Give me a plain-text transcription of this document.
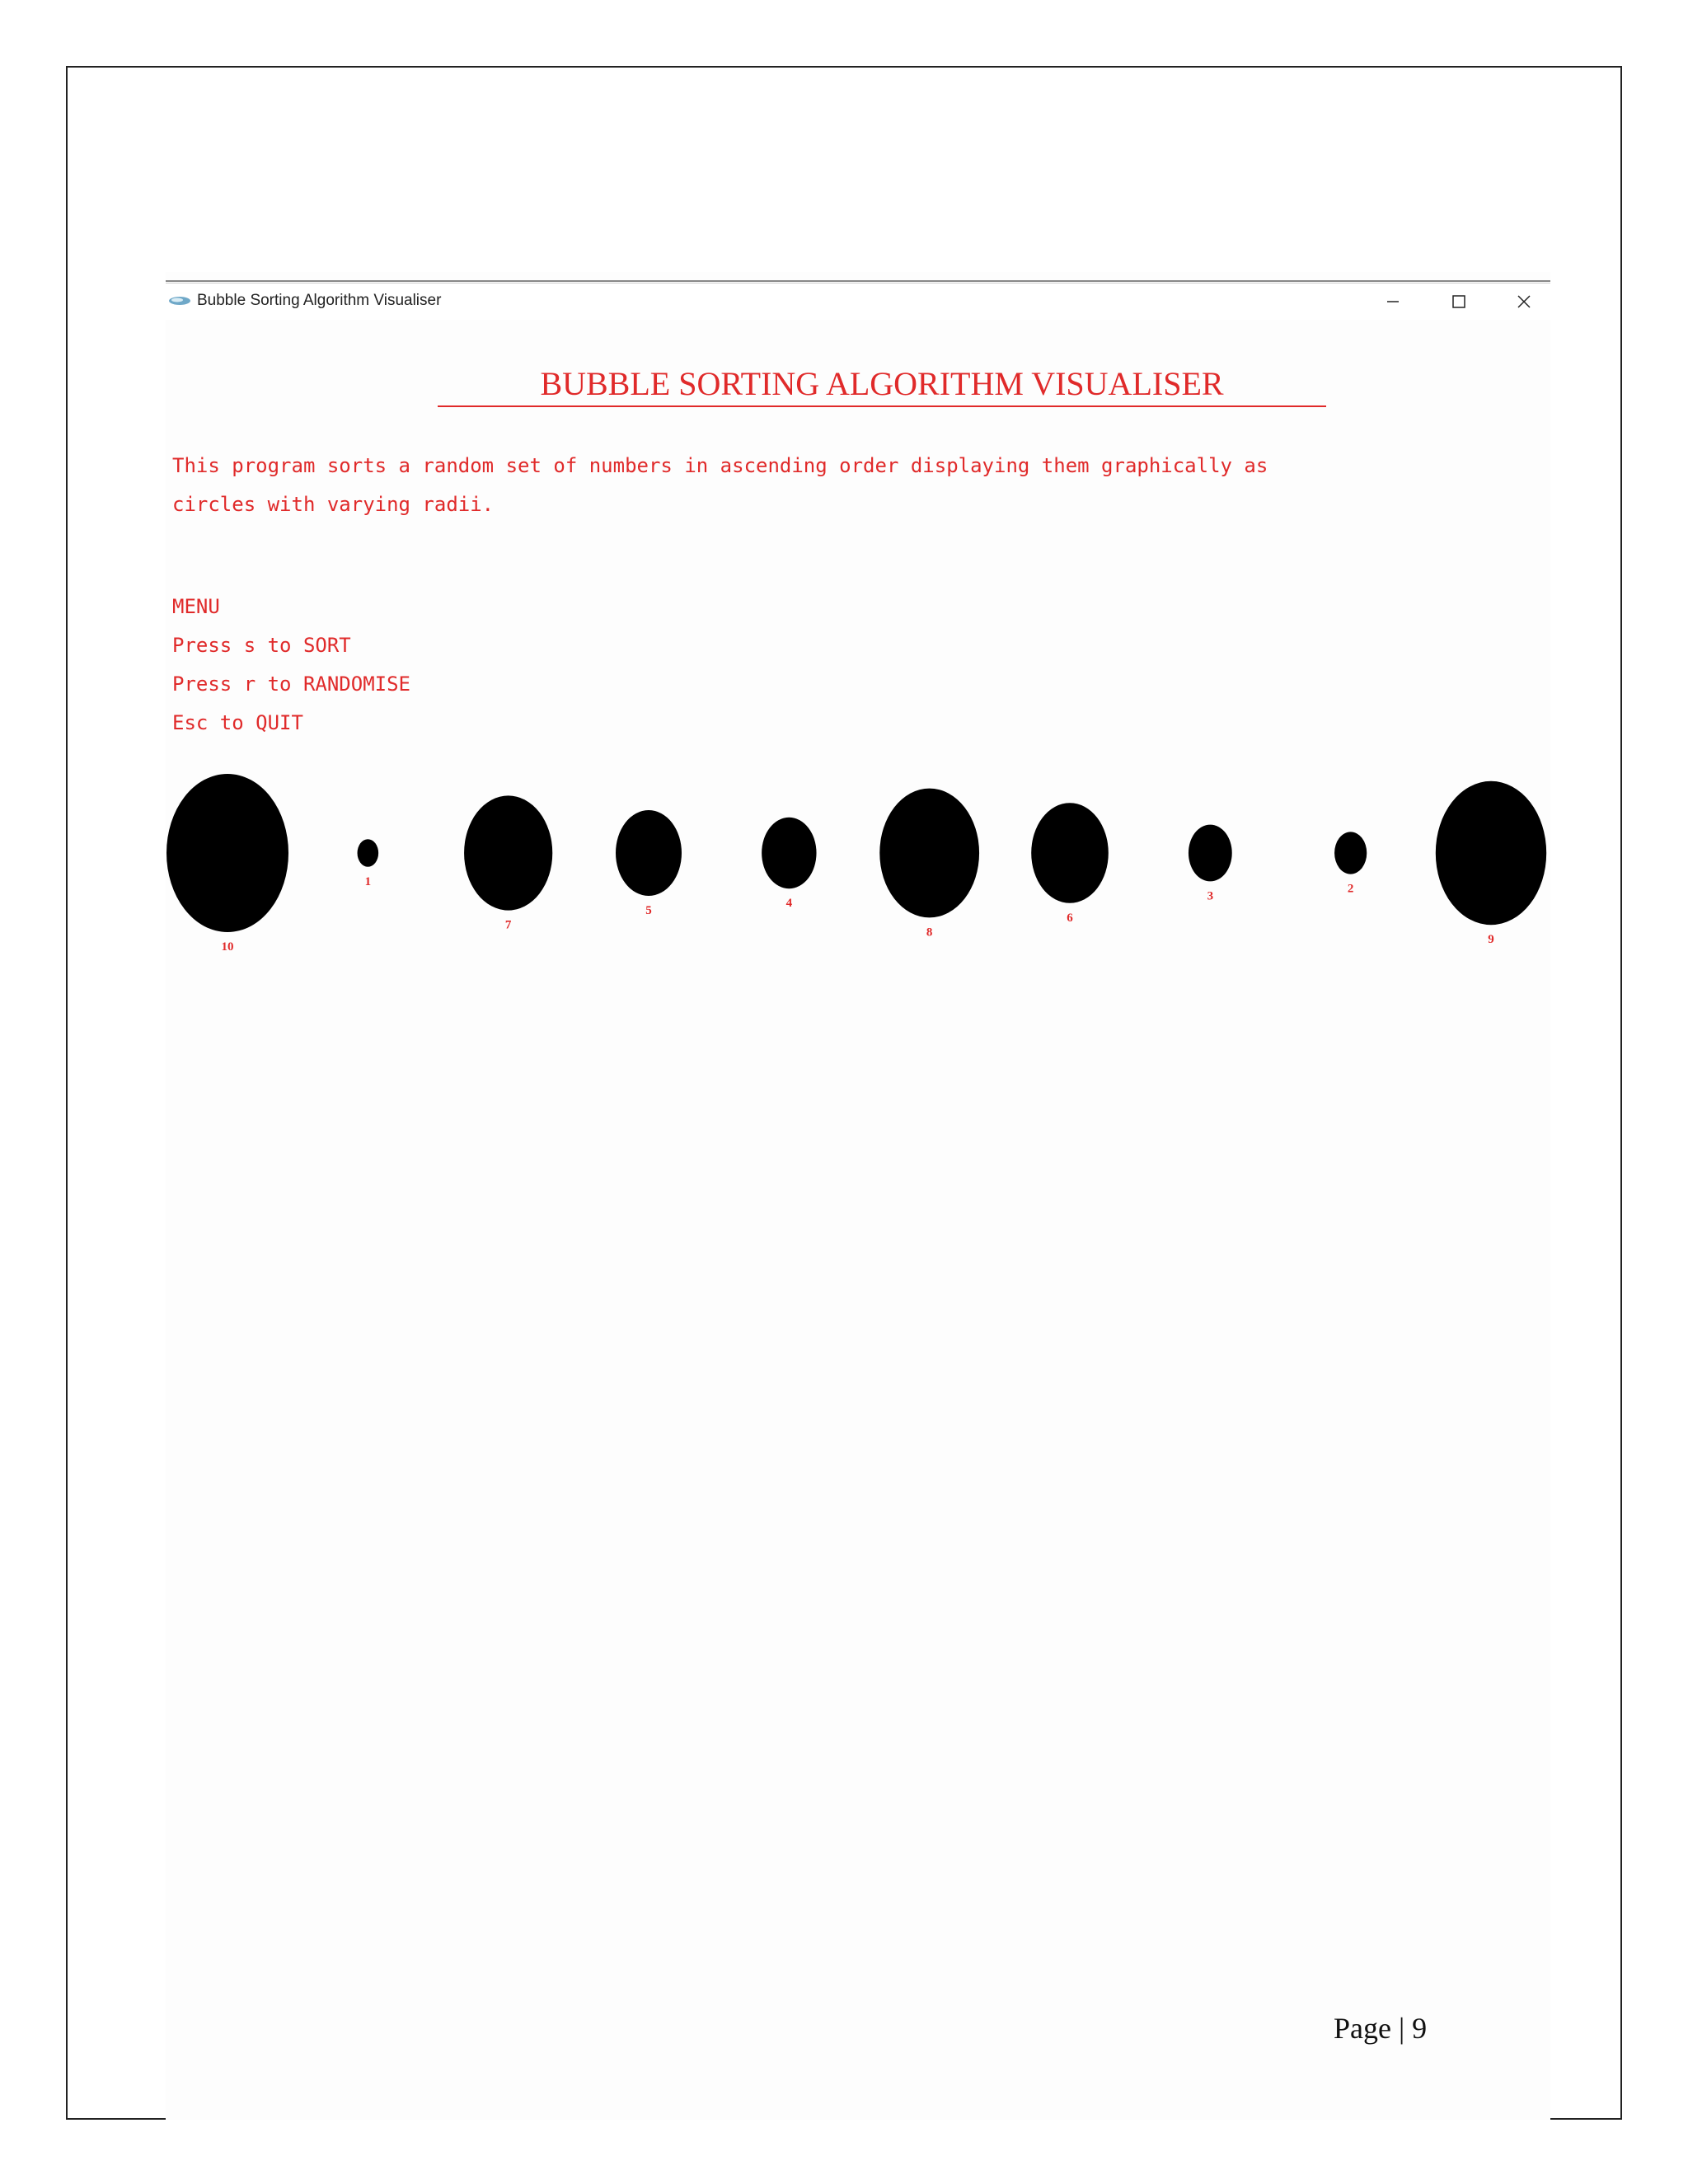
Bubble Sorting Algorithm Visualiser
BUBBLE SORTING ALGORITHM VISUALISER
This program sorts a random set of numbers in ascending order displaying them graphically as
circles with varying radii.
MENU
Press s to SORT
Press r to RANDOMISE
Esc to QUIT
10
1
7
5
4
8
6
3
2
9
Page | 9
